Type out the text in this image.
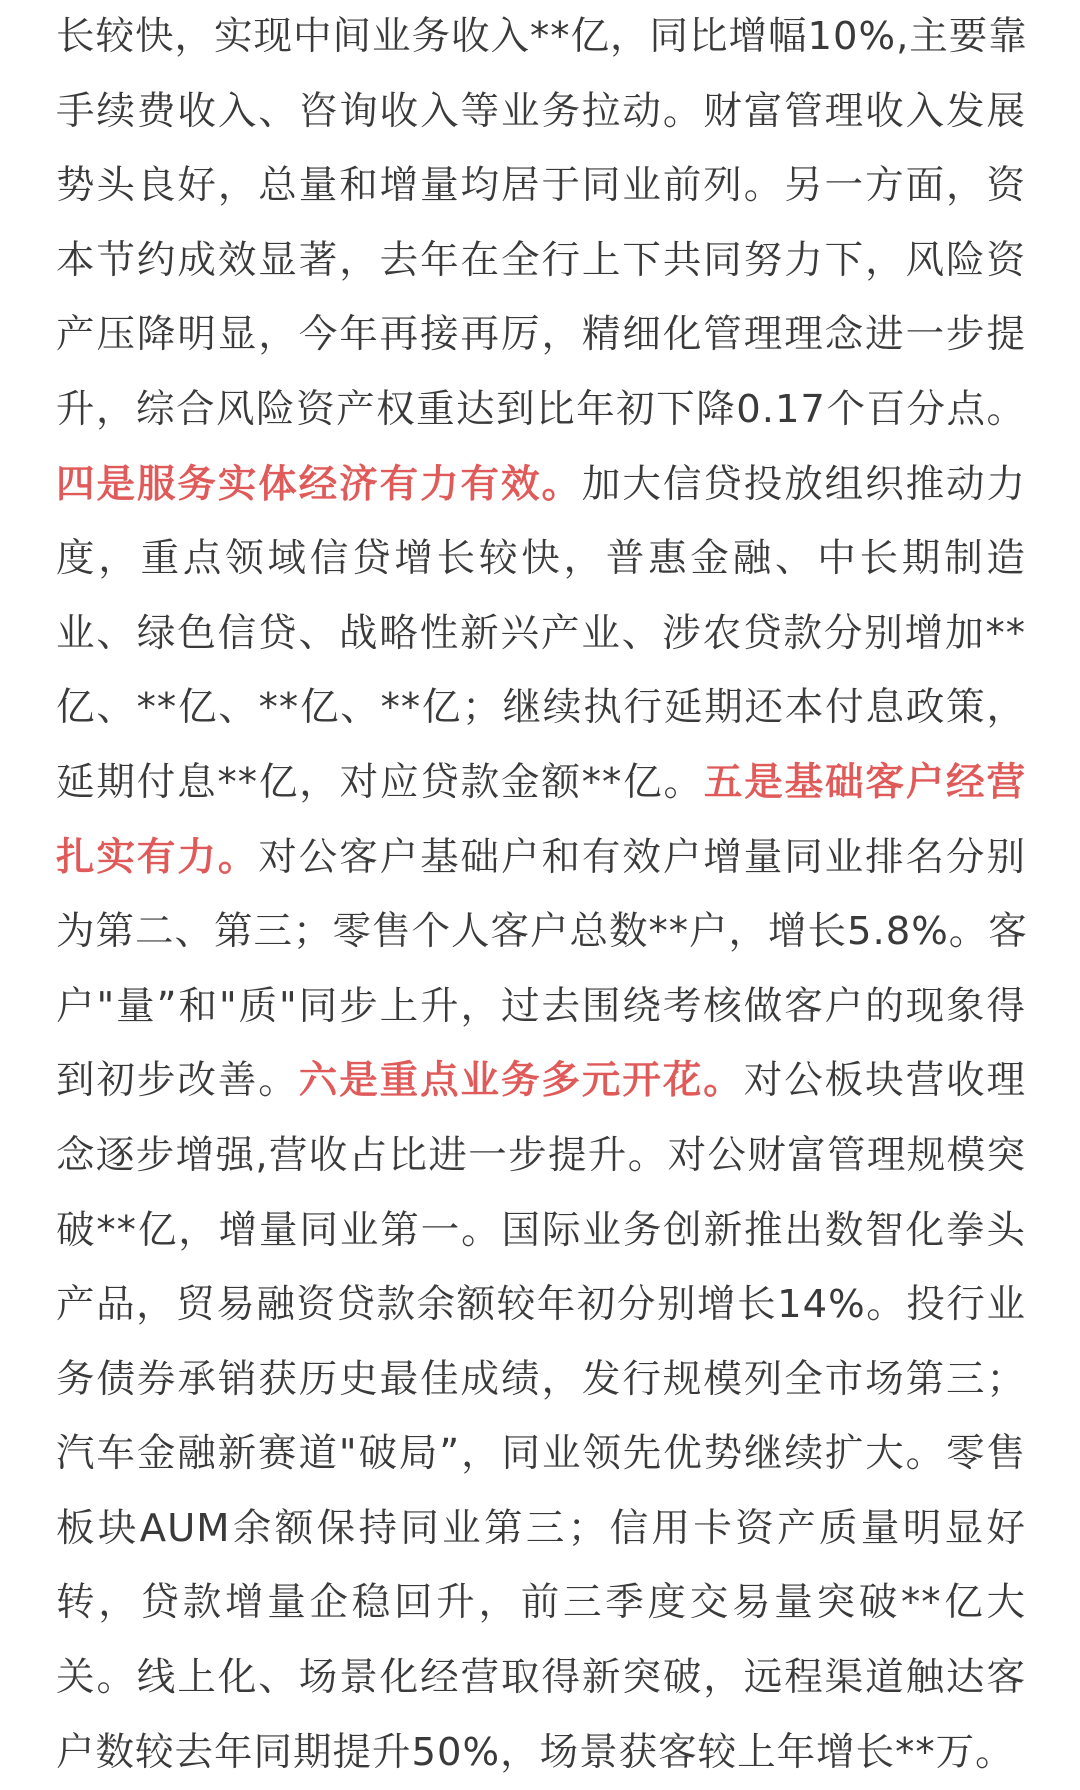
长较快，实现中间业务收入**亿，同比增幅10%,主要靠
手续费收入、咨询收入等业务拉动。财富管理收入发展
势头良好，总量和增量均居于同业前列。另一方面，资
本节约成效显著，去年在全行上下共同努力下，风险资
产压降明显，今年再接再厉，精细化管理理念进一步提
升，综合风险资产权重达到比年初下降0.17个百分点。
四是服务实体经济有力有效。加大信贷投放组织推动力
度，重点领域信贷增长较快，普惠金融、中长期制造
业、绿色信贷、战略性新兴产业、涉农贷款分别增加**
亿、**亿、**亿、**亿；继续执行延期还本付息政策，
延期付息**亿，对应贷款金额**亿。五是基础客户经营
扎实有力。对公客户基础户和有效户增量同业排名分别
为第二、第三；零售个人客户总数**户，增长5.8%。客
户"量”和"质"同步上升，过去围绕考核做客户的现象得
到初步改善。六是重点业务多元开花。对公板块营收理
念逐步增强,营收占比进一步提升。对公财富管理规模突
破**亿，增量同业第一。国际业务创新推出数智化拳头
产品，贸易融资贷款余额较年初分别增长14%。投行业
务债券承销获历史最佳成绩，发行规模列全市场第三；
汽车金融新赛道"破局”，同业领先优势继续扩大。零售
板块AUM余额保持同业第三；信用卡资产质量明显好
转，贷款增量企稳回升，前三季度交易量突破**亿大
关。线上化、场景化经营取得新突破，远程渠道触达客
户数较去年同期提升50%，场景获客较上年增长**万。
